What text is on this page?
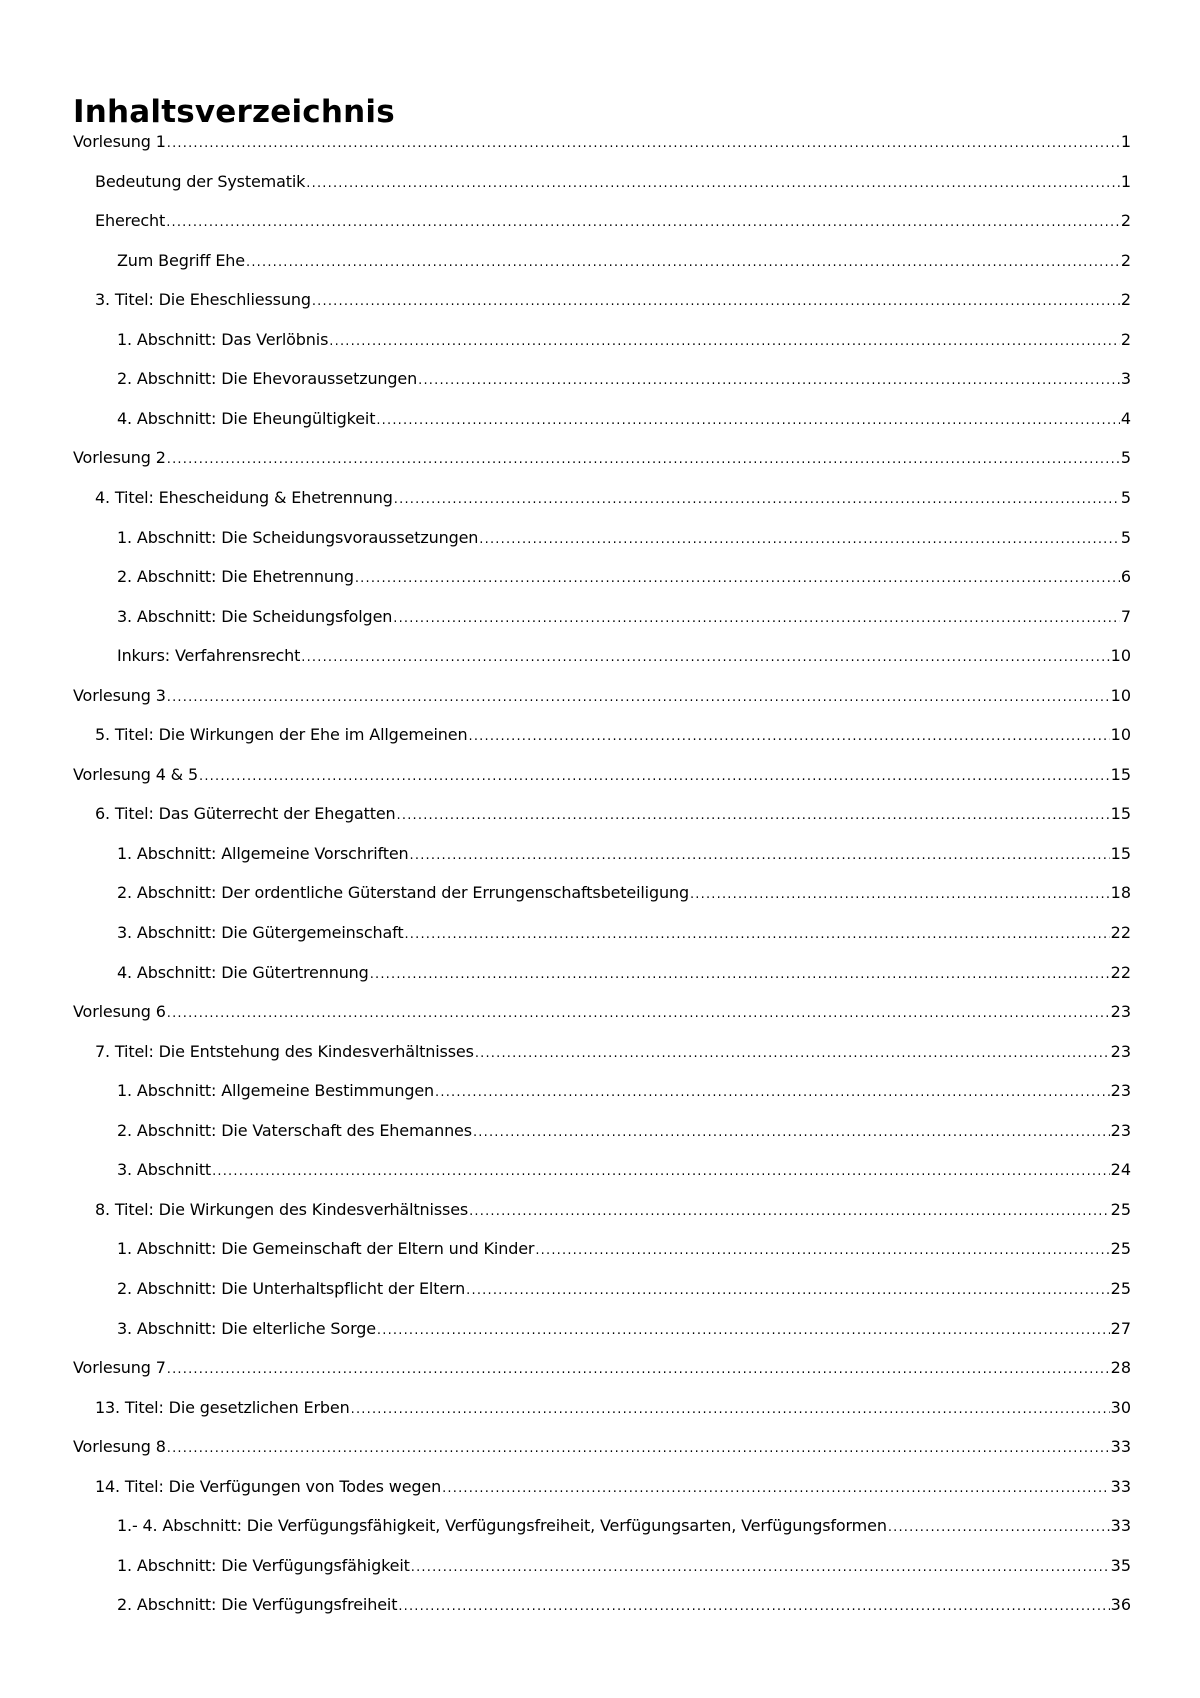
Inhaltsverzeichnis
Vorlesung 1 .....	1
Bedeutung der Systematik .....	1
Eherecht .....	2
Zum Begriff Ehe .....	2
3. Titel: Die Eheschliessung .....	2
1. Abschnitt: Das Verlöbnis .....	2
2. Abschnitt: Die Ehevoraussetzungen .....	3
4. Abschnitt: Die Eheungültigkeit .....	4
Vorlesung 2 .....	5
4. Titel: Ehescheidung & Ehetrennung .....	5
1. Abschnitt: Die Scheidungsvoraussetzungen .....	5
2. Abschnitt: Die Ehetrennung .....	6
3. Abschnitt: Die Scheidungsfolgen .....	7
Inkurs: Verfahrensrecht .....	10
Vorlesung 3 .....	10
5. Titel: Die Wirkungen der Ehe im Allgemeinen .....	10
Vorlesung 4 & 5 .....	15
6. Titel: Das Güterrecht der Ehegatten .....	15
1. Abschnitt: Allgemeine Vorschriften .....	15
2. Abschnitt: Der ordentliche Güterstand der Errungenschaftsbeteiligung .....	18
3. Abschnitt: Die Gütergemeinschaft .....	22
4. Abschnitt: Die Gütertrennung .....	22
Vorlesung 6 .....	23
7. Titel: Die Entstehung des Kindesverhältnisses .....	23
1. Abschnitt: Allgemeine Bestimmungen .....	23
2. Abschnitt: Die Vaterschaft des Ehemannes .....	23
3. Abschnitt .....	24
8. Titel: Die Wirkungen des Kindesverhältnisses .....	25
1. Abschnitt: Die Gemeinschaft der Eltern und Kinder .....	25
2. Abschnitt: Die Unterhaltspflicht der Eltern .....	25
3. Abschnitt: Die elterliche Sorge .....	27
Vorlesung 7 .....	28
13. Titel: Die gesetzlichen Erben .....	30
Vorlesung 8 .....	33
14. Titel: Die Verfügungen von Todes wegen .....	33
1.- 4. Abschnitt: Die Verfügungsfähigkeit, Verfügungsfreiheit, Verfügungsarten, Verfügungsformen .....	33
1. Abschnitt: Die Verfügungsfähigkeit .....	35
2. Abschnitt: Die Verfügungsfreiheit .....	36
